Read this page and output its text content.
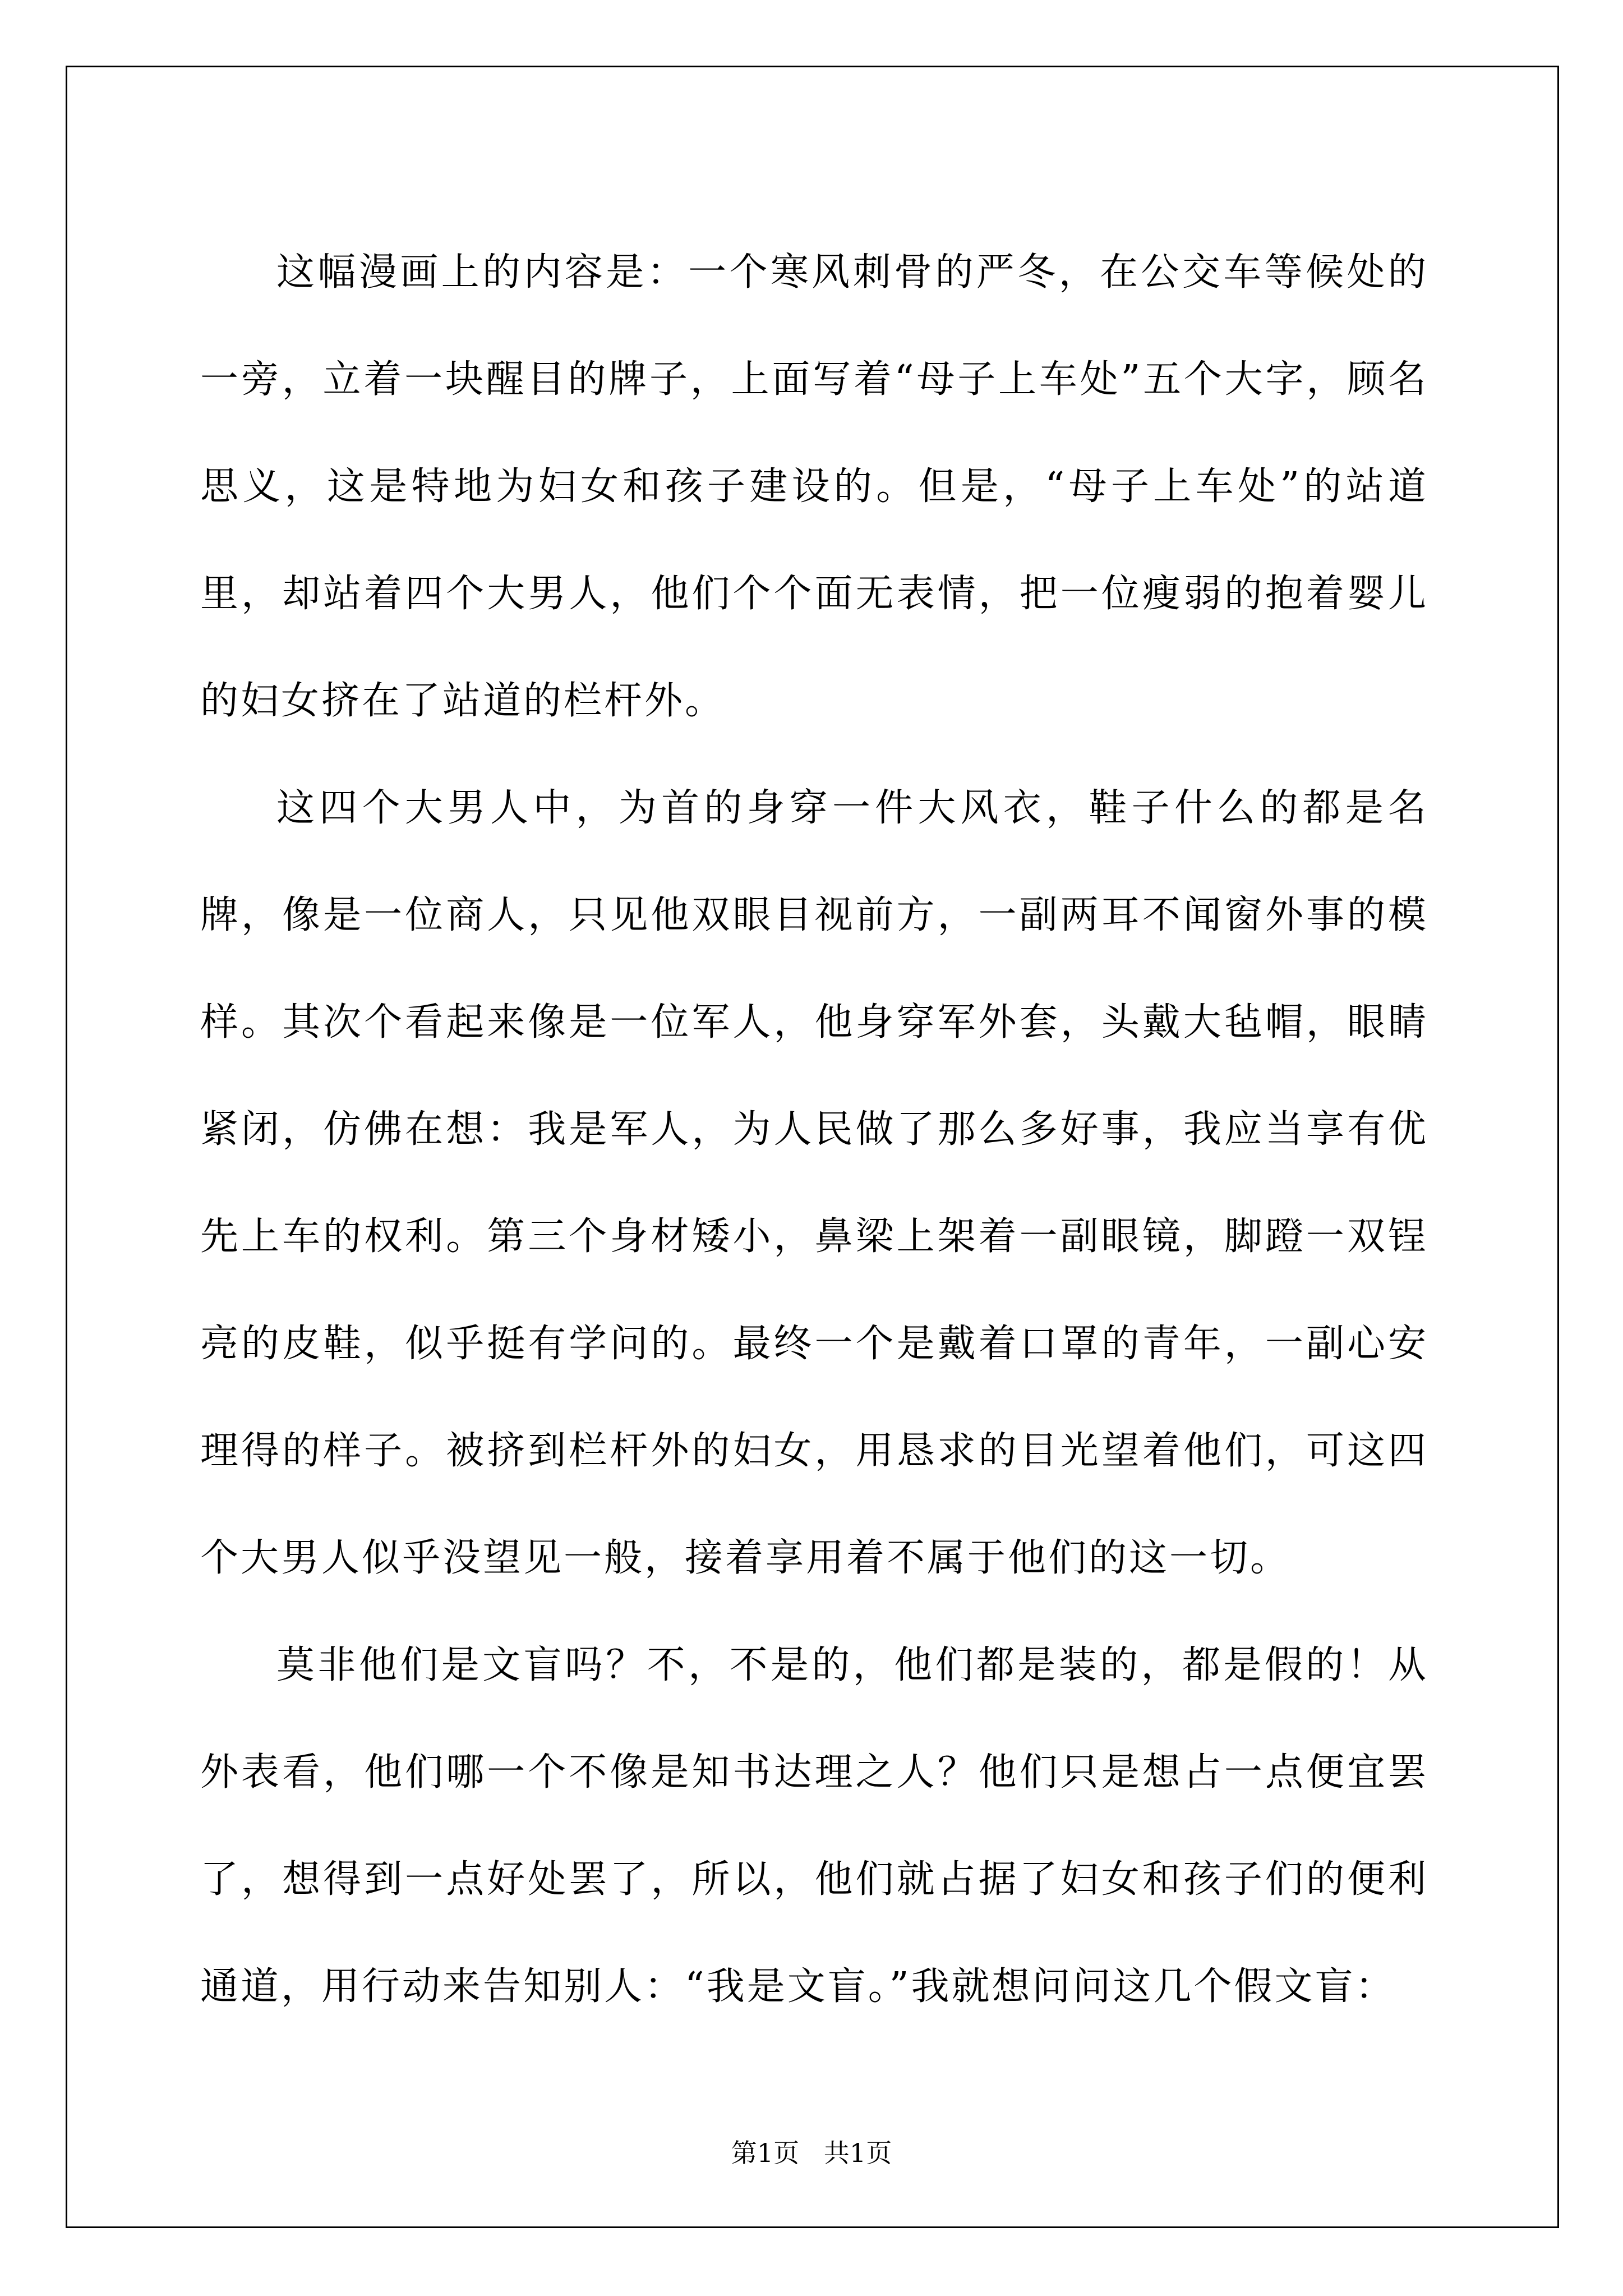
这幅漫画上的内容是：一个寒风刺骨的严冬，在公交车等候处的一旁，立着一块醒目的牌子，上面写着“母子上车处”五个大字，顾名思义，这是特地为妇女和孩子建设的。但是，“母子上车处”的站道里，却站着四个大男人，他们个个面无表情，把一位瘦弱的抱着婴儿的妇女挤在了站道的栏杆外。

这四个大男人中，为首的身穿一件大风衣，鞋子什么的都是名牌，像是一位商人，只见他双眼目视前方，一副两耳不闻窗外事的模样。其次个看起来像是一位军人，他身穿军外套，头戴大毡帽，眼睛紧闭，仿佛在想：我是军人，为人民做了那么多好事，我应当享有优先上车的权利。第三个身材矮小，鼻梁上架着一副眼镜，脚蹬一双锃亮的皮鞋，似乎挺有学问的。最终一个是戴着口罩的青年，一副心安理得的样子。被挤到栏杆外的妇女，用恳求的目光望着他们，可这四个大男人似乎没望见一般，接着享用着不属于他们的这一切。

莫非他们是文盲吗？不，不是的，他们都是装的，都是假的！从外表看，他们哪一个不像是知书达理之人？他们只是想占一点便宜罢了，想得到一点好处罢了，所以，他们就占据了妇女和孩子们的便利通道，用行动来告知别人：“我是文盲。”我就想问问这几个假文盲：

第1页   共1页
